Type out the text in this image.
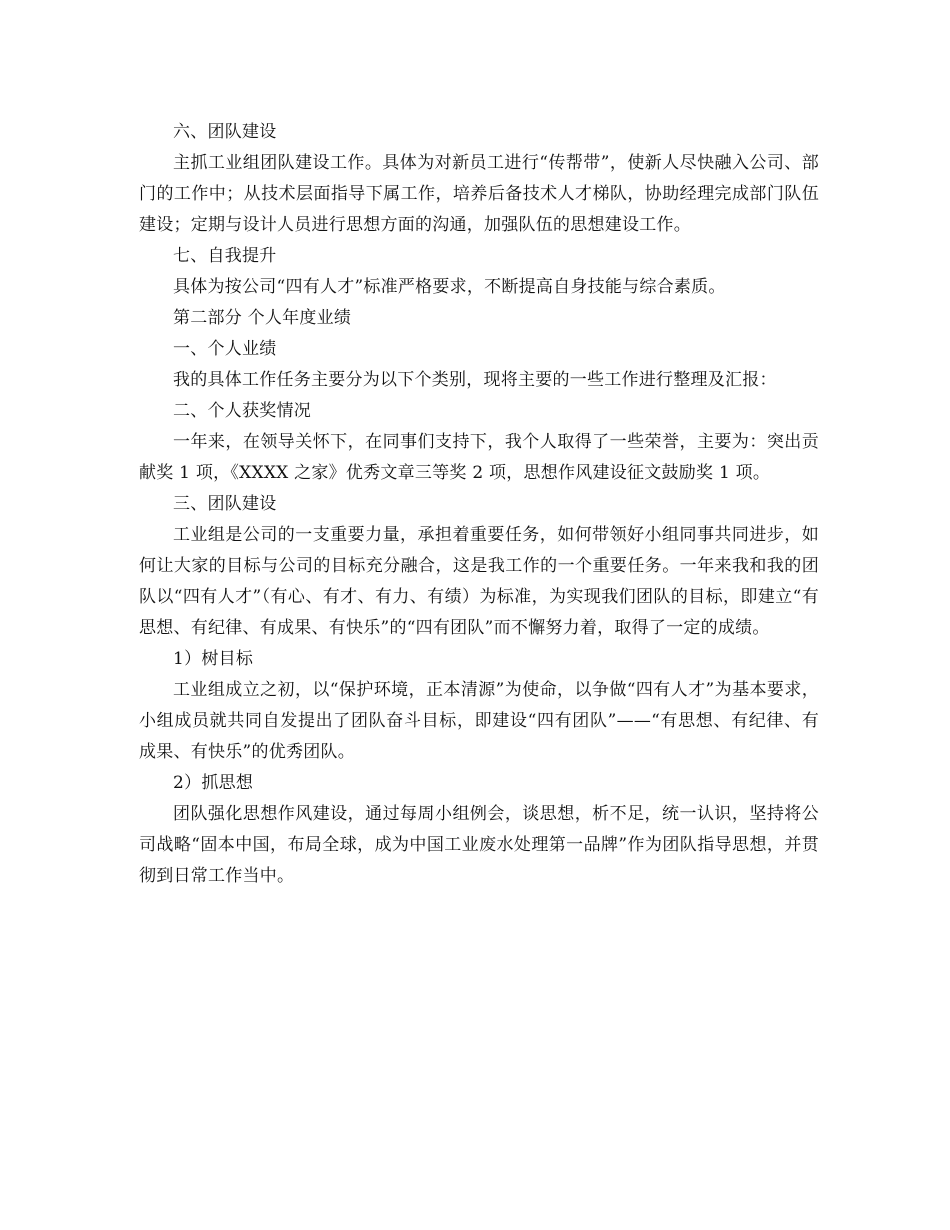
六、团队建设

主抓工业组团队建设工作。具体为对新员工进行“传帮带”，使新人尽快融入公司、部门的工作中；从技术层面指导下属工作，培养后备技术人才梯队，协助经理完成部门队伍建设；定期与设计人员进行思想方面的沟通，加强队伍的思想建设工作。

七、自我提升

具体为按公司“四有人才”标准严格要求，不断提高自身技能与综合素质。

第二部分 个人年度业绩

一、个人业绩

我的具体工作任务主要分为以下个类别，现将主要的一些工作进行整理及汇报：

二、个人获奖情况

一年来，在领导关怀下，在同事们支持下，我个人取得了一些荣誉，主要为：突出贡献奖 1 项，《XXXX 之家》优秀文章三等奖 2 项，思想作风建设征文鼓励奖 1 项。

三、团队建设

工业组是公司的一支重要力量，承担着重要任务，如何带领好小组同事共同进步，如何让大家的目标与公司的目标充分融合，这是我工作的一个重要任务。一年来我和我的团队以“四有人才”（有心、有才、有力、有绩）为标准，为实现我们团队的目标，即建立“有思想、有纪律、有成果、有快乐”的“四有团队”而不懈努力着，取得了一定的成绩。

1）树目标

工业组成立之初，以“保护环境，正本清源”为使命，以争做“四有人才”为基本要求，小组成员就共同自发提出了团队奋斗目标，即建设“四有团队”——“有思想、有纪律、有成果、有快乐”的优秀团队。

2）抓思想

团队强化思想作风建设，通过每周小组例会，谈思想，析不足，统一认识，坚持将公司战略“固本中国，布局全球，成为中国工业废水处理第一品牌”作为团队指导思想，并贯彻到日常工作当中。
